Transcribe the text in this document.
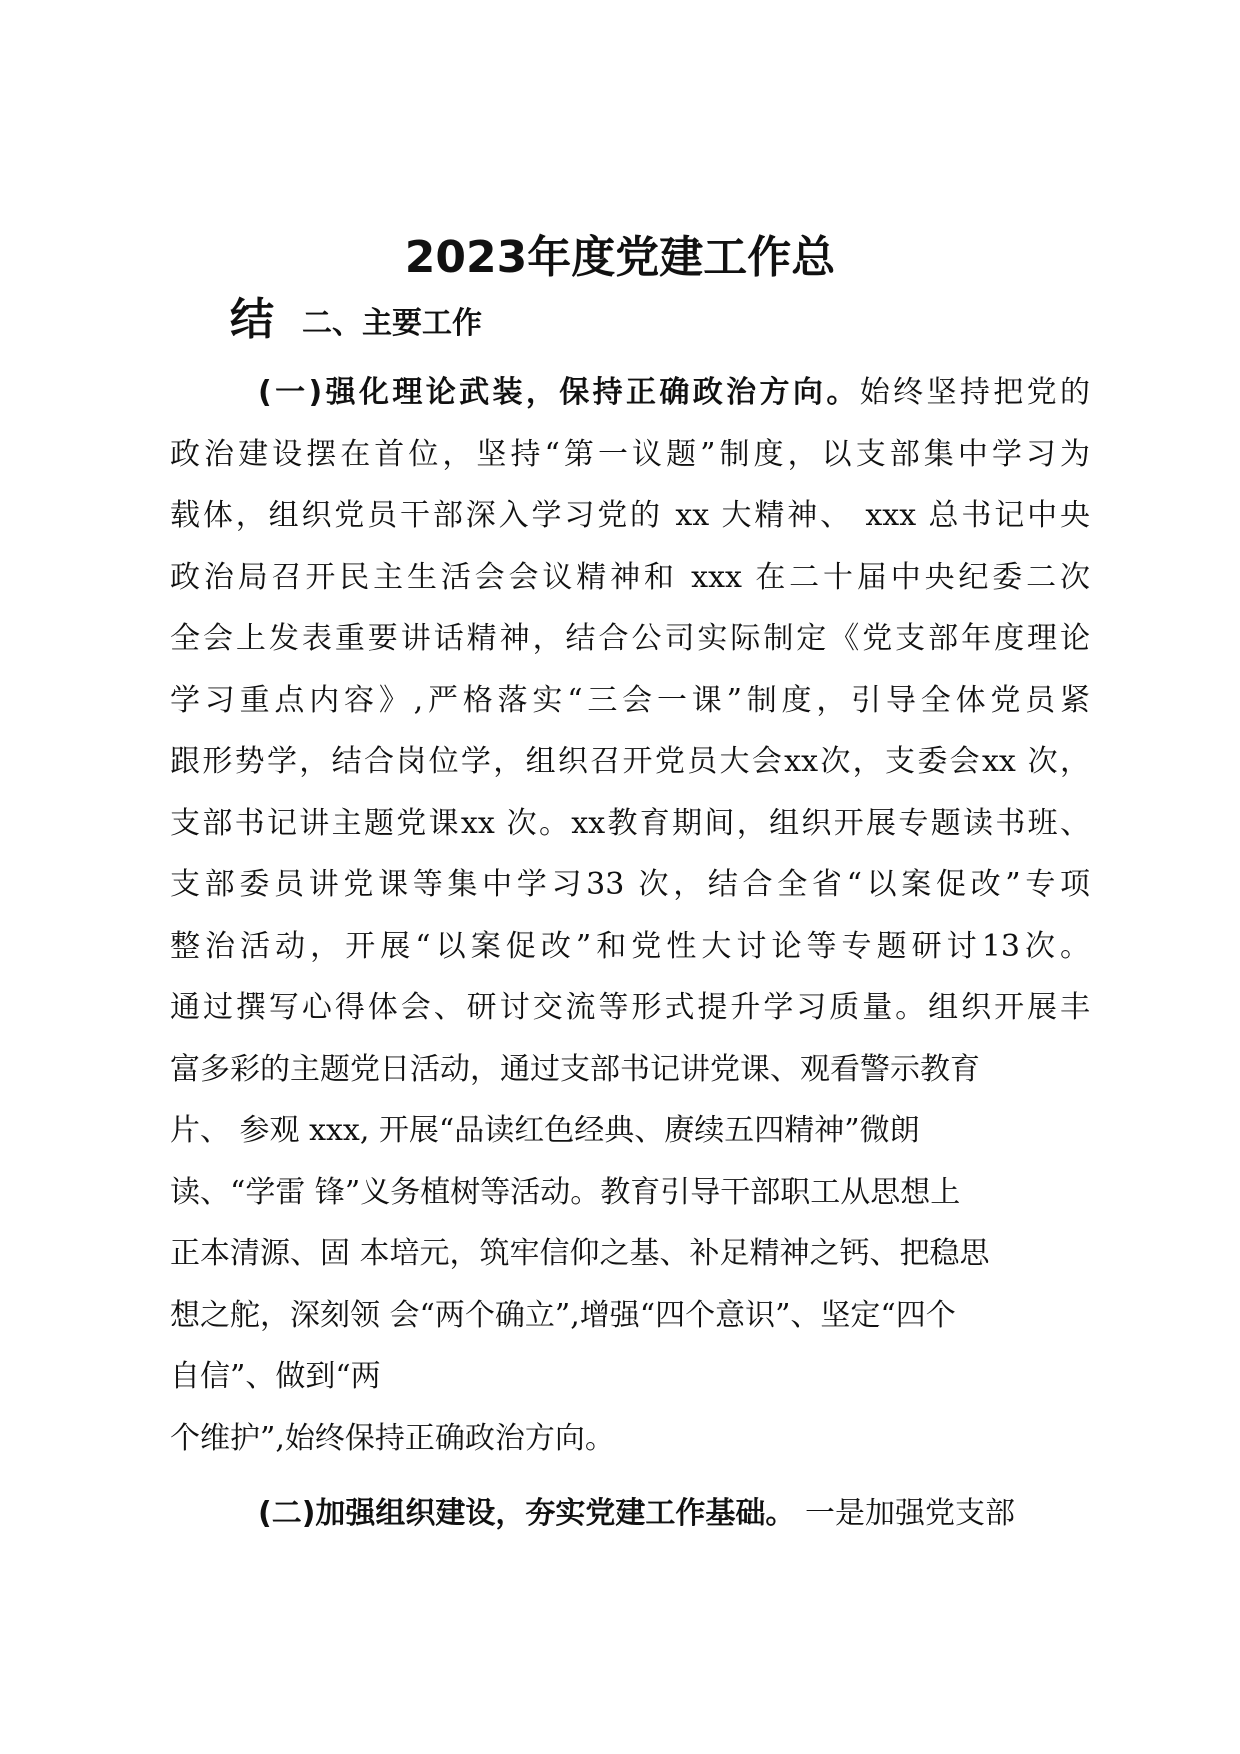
2023年度党建工作总
结 二、主要工作
(一)强化理论武装，保持正确政治方向。始终坚持把党的
政治建设摆在首位，坚持“第一议题”制度，以支部集中学习为
载体，组织党员干部深入学习党的 xx 大精神、 xxx 总书记中央
政治局召开民主生活会会议精神和 xxx 在二十届中央纪委二次
全会上发表重要讲话精神，结合公司实际制定《党支部年度理论
学习重点内容》,严格落实“三会一课”制度，引导全体党员紧
跟形势学，结合岗位学，组织召开党员大会xx次，支委会xx 次，
支部书记讲主题党课xx 次。xx教育期间，组织开展专题读书班、
支部委员讲党课等集中学习33 次，结合全省“以案促改”专项
整治活动，开展“以案促改”和党性大讨论等专题研讨13次。
通过撰写心得体会、研讨交流等形式提升学习质量。组织开展丰
富多彩的主题党日活动，通过支部书记讲党课、观看警示教育
片、 参观 xxx, 开展“品读红色经典、赓续五四精神”微朗
读、“学雷 锋”义务植树等活动。教育引导干部职工从思想上
正本清源、固 本培元，筑牢信仰之基、补足精神之钙、把稳思
想之舵，深刻领 会“两个确立”,增强“四个意识”、坚定“四个
自信”、做到“两
个维护”,始终保持正确政治方向。
(二)加强组织建设，夯实党建工作基础。 一是加强党支部
